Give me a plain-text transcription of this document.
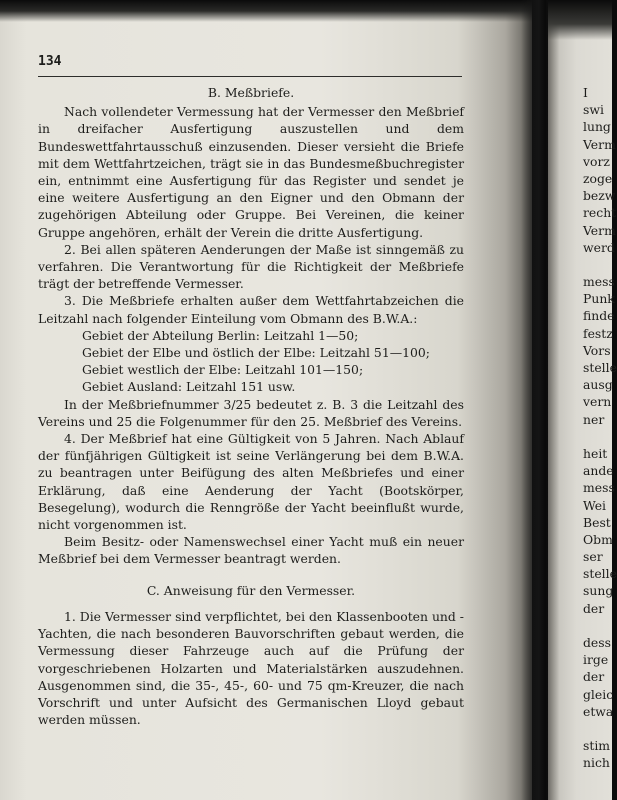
134

B. Meßbriefe.

Nach vollendeter Vermessung hat der Vermesser den Meßbrief in dreifacher Ausfertigung auszustellen und dem Bundeswettfahrtausschuß einzusenden. Dieser versieht die Briefe mit dem Wettfahrtzeichen, trägt sie in das Bundesmeßbuchregister ein, entnimmt eine Ausfertigung für das Register und sendet je eine weitere Ausfertigung an den Eigner und den Obmann der zugehörigen Abteilung oder Gruppe. Bei Vereinen, die keiner Gruppe angehören, erhält der Verein die dritte Ausfertigung.

2. Bei allen späteren Aenderungen der Maße ist sinngemäß zu verfahren. Die Verantwortung für die Richtigkeit der Meßbriefe trägt der betreffende Vermesser.

3. Die Meßbriefe erhalten außer dem Wettfahrtabzeichen die Leitzahl nach folgender Einteilung vom Obmann des B.W.A.:

Gebiet der Abteilung Berlin: Leitzahl 1—50;

Gebiet der Elbe und östlich der Elbe: Leitzahl 51—100;

Gebiet westlich der Elbe: Leitzahl 101—150;

Gebiet Ausland: Leitzahl 151 usw.

In der Meßbriefnummer 3/25 bedeutet z. B. 3 die Leitzahl des Vereins und 25 die Folgenummer für den 25. Meßbrief des Vereins.

4. Der Meßbrief hat eine Gültigkeit von 5 Jahren. Nach Ablauf der fünfjährigen Gültigkeit ist seine Verlängerung bei dem B.W.A. zu beantragen unter Beifügung des alten Meßbriefes und einer Erklärung, daß eine Aenderung der Yacht (Bootskörper, Besegelung), wodurch die Renngröße der Yacht beeinflußt wurde, nicht vorgenommen ist.

Beim Besitz- oder Namenswechsel einer Yacht muß ein neuer Meßbrief bei dem Vermesser beantragt werden.

C. Anweisung für den Vermesser.

1. Die Vermesser sind verpflichtet, bei den Klassenbooten und -Yachten, die nach besonderen Bauvorschriften gebaut werden, die Vermessung dieser Fahrzeuge auch auf die Prüfung der vorgeschriebenen Holzarten und Materialstärken auszudehnen. Ausgenommen sind, die 35-, 45-, 60- und 75 qm-Kreuzer, die nach Vorschrift und unter Aufsicht des Germanischen Lloyd gebaut werden müssen.

I

swi

lung

Verm

vorz

zoge

bezw

recht

Verm

werd

mess

Punk

finde

festz

Vors

stelle

ausg

vern

ner

heit

ande

mess

Wei

Best

Obm

ser

stelle

sung

der

dess

irge

der

gleic

etwa

stim

nich
